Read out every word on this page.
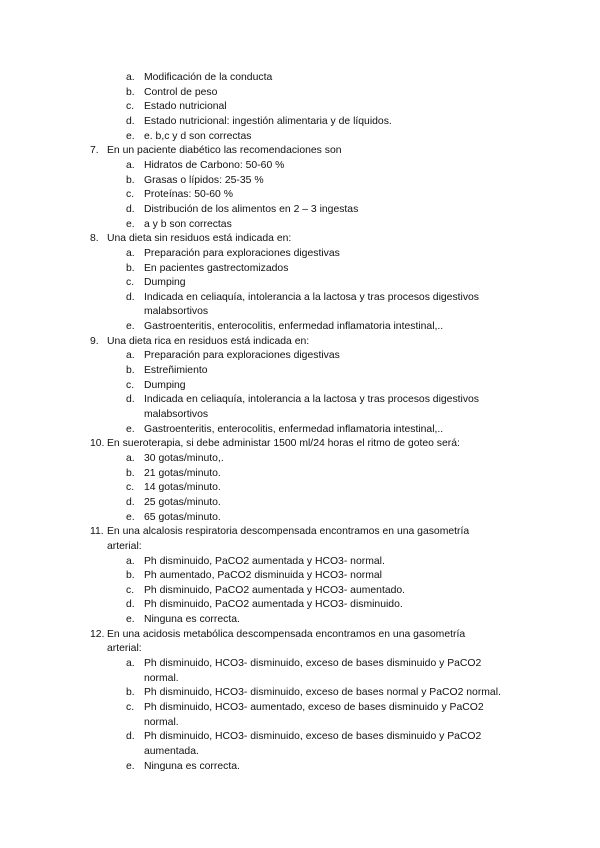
a. Modificación de la conducta
b. Control de peso
c. Estado nutricional
d. Estado nutricional: ingestión alimentaria y de líquidos.
e. e. b,c y d son correctas
7. En un paciente diabético las recomendaciones son
a. Hidratos de Carbono: 50-60 %
b. Grasas o lípidos: 25-35 %
c. Proteínas: 50-60 %
d. Distribución de los alimentos en 2 – 3 ingestas
e. a y b son correctas
8. Una dieta sin residuos está indicada en:
a. Preparación para exploraciones digestivas
b. En pacientes gastrectomizados
c. Dumping
d. Indicada en celiaquía, intolerancia a la lactosa y tras procesos digestivos
malabsortivos
e. Gastroenteritis, enterocolitis, enfermedad inflamatoria intestinal,..
9. Una dieta rica en residuos está indicada en:
a. Preparación para exploraciones digestivas
b. Estreñimiento
c. Dumping
d. Indicada en celiaquía, intolerancia a la lactosa y tras procesos digestivos
malabsortivos
e. Gastroenteritis, enterocolitis, enfermedad inflamatoria intestinal,..
10. En sueroterapia, si debe administar 1500 ml/24 horas el ritmo de goteo será:
a. 30 gotas/minuto,.
b. 21 gotas/minuto.
c. 14 gotas/minuto.
d. 25 gotas/minuto.
e. 65 gotas/minuto.
11. En una alcalosis respiratoria descompensada encontramos en una gasometría
arterial:
a. Ph disminuido, PaCO2 aumentada y HCO3- normal.
b. Ph aumentado, PaCO2 disminuida y HCO3- normal
c. Ph disminuido, PaCO2 aumentada y HCO3- aumentado.
d. Ph disminuido, PaCO2 aumentada y HCO3- disminuido.
e. Ninguna es correcta.
12. En una acidosis metabólica descompensada encontramos en una gasometría
arterial:
a. Ph disminuido, HCO3- disminuido, exceso de bases disminuido y PaCO2
normal.
b. Ph disminuido, HCO3- disminuido, exceso de bases normal y PaCO2 normal.
c. Ph disminuido, HCO3- aumentado, exceso de bases disminuido y PaCO2
normal.
d. Ph disminuido, HCO3- disminuido, exceso de bases disminuido y PaCO2
aumentada.
e. Ninguna es correcta.
